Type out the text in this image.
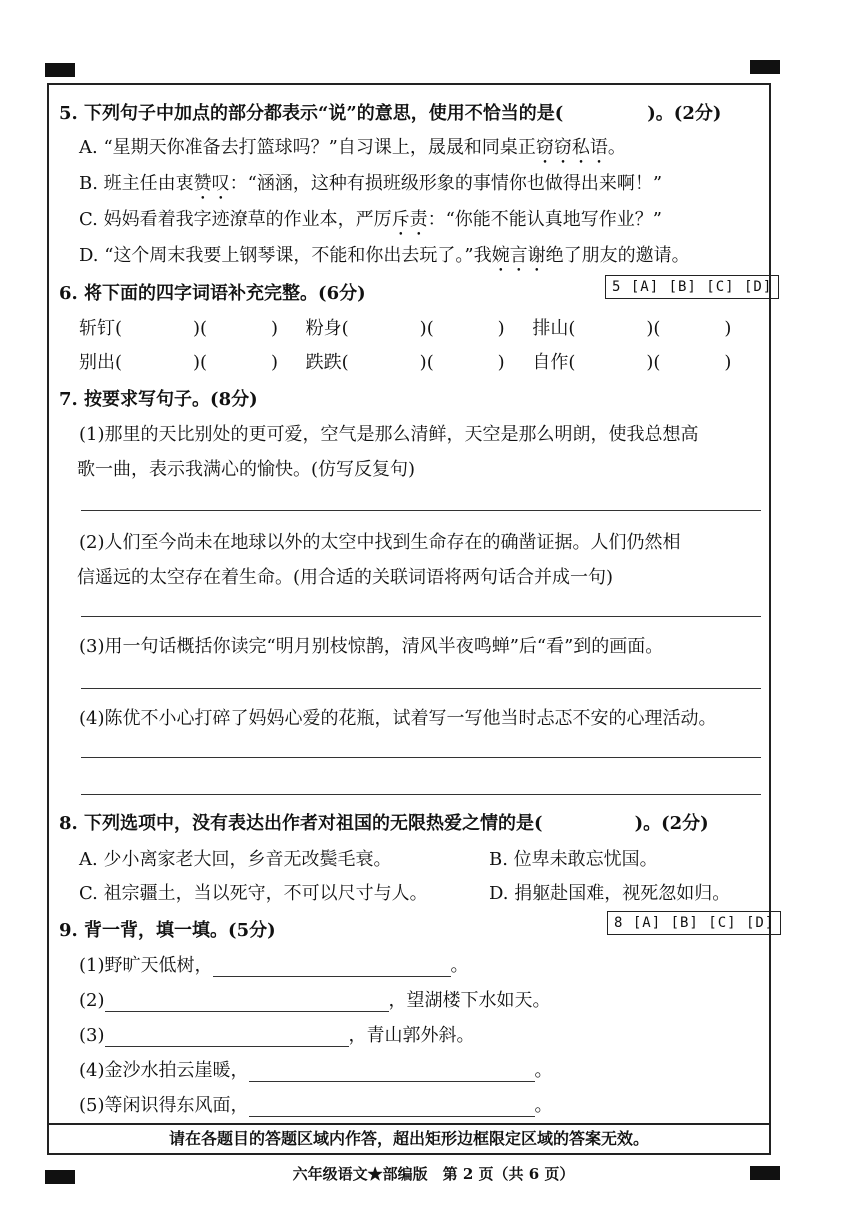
5. 下列句子中加点的部分都表示“说”的意思，使用不恰当的是(	)。(2分)
A. “星期天你准备去打篮球吗？”自习课上，晟晟和同桌正窃窃私语。
B. 班主任由衷赞叹：“涵涵，这种有损班级形象的事情你也做得出来啊！”
C. 妈妈看着我字迹潦草的作业本，严厉斥责：“你能不能认真地写作业？”
D. “这个周末我要上钢琴课，不能和你出去玩了。”我婉言谢绝了朋友的邀请。
6. 将下面的四字词语补充完整。(6分)	5 [A] [B] [C] [D]
斩钉(	)(	)	粉身(	)(	)	排山(	)(	)
别出(	)(	)	跌跌(	)(	)	自作(	)(	)
7. 按要求写句子。(8分)
(1)那里的天比别处的更可爱，空气是那么清鲜，天空是那么明朗，使我总想高
歌一曲，表示我满心的愉快。(仿写反复句)
(2)人们至今尚未在地球以外的太空中找到生命存在的确凿证据。人们仍然相
信遥远的太空存在着生命。(用合适的关联词语将两句话合并成一句)
(3)用一句话概括你读完“明月别枝惊鹊，清风半夜鸣蝉”后“看”到的画面。
(4)陈优不小心打碎了妈妈心爱的花瓶，试着写一写他当时忐忑不安的心理活动。
8. 下列选项中，没有表达出作者对祖国的无限热爱之情的是(	)。(2分)
A. 少小离家老大回，乡音无改鬓毛衰。	B. 位卑未敢忘忧国。
C. 祖宗疆土，当以死守，不可以尺寸与人。	D. 捐躯赴国难，视死忽如归。
9. 背一背，填一填。(5分)	8 [A] [B] [C] [D]
(1)野旷天低树，	。
(2)	，望湖楼下水如天。
(3)	，青山郭外斜。
(4)金沙水拍云崖暖，	。
(5)等闲识得东风面，	。
请在各题目的答题区域内作答，超出矩形边框限定区域的答案无效。
六年级语文★部编版　第 2 页（共 6 页）
